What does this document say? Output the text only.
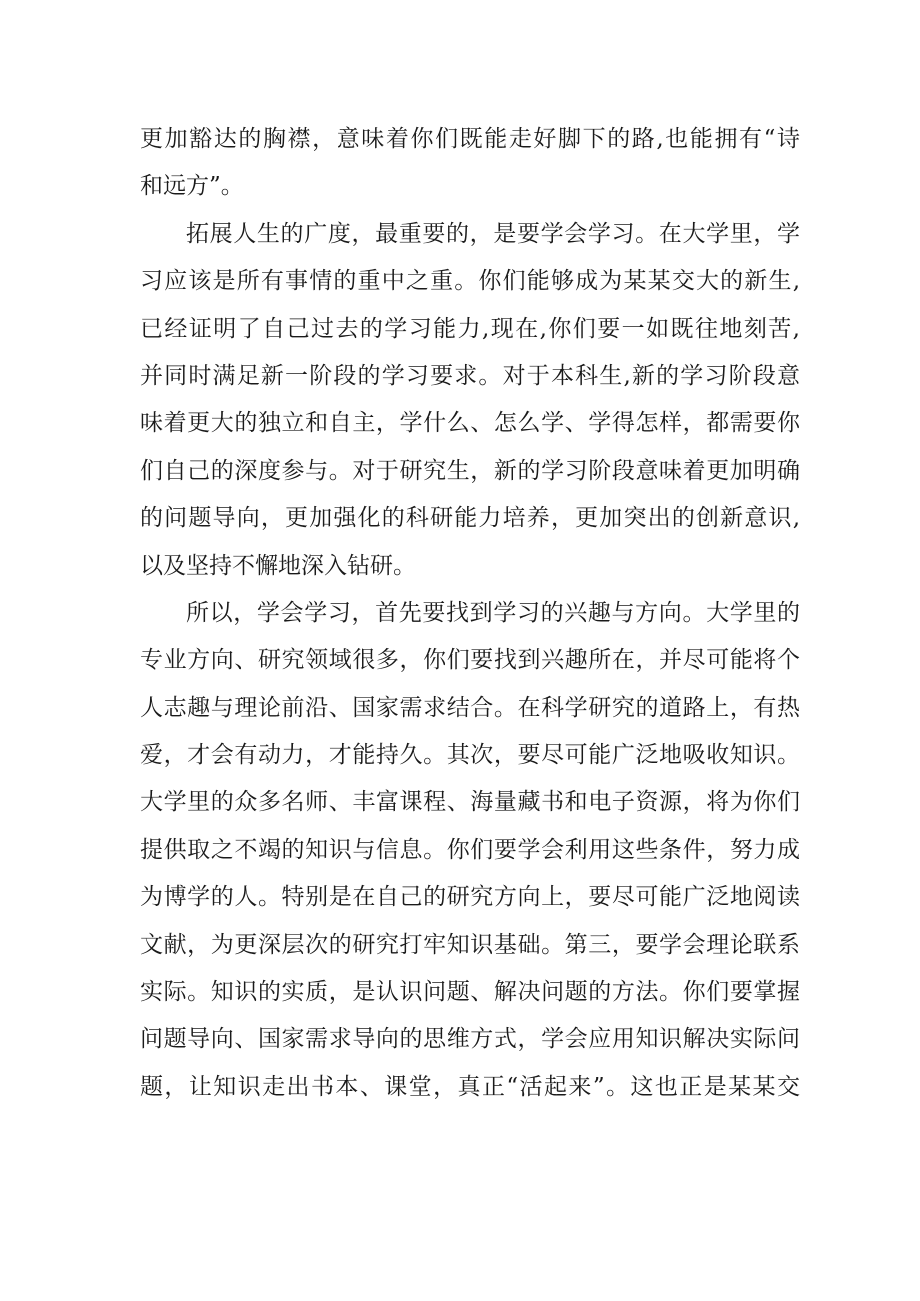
更加豁达的胸襟，意味着你们既能走好脚下的路,也能拥有“诗
和远方”。
拓展人生的广度，最重要的，是要学会学习。在大学里，学
习应该是所有事情的重中之重。你们能够成为某某交大的新生,
已经证明了自己过去的学习能力,现在,你们要一如既往地刻苦,
并同时满足新一阶段的学习要求。对于本科生,新的学习阶段意
味着更大的独立和自主，学什么、怎么学、学得怎样，都需要你
们自己的深度参与。对于研究生，新的学习阶段意味着更加明确
的问题导向，更加强化的科研能力培养，更加突出的创新意识,
以及坚持不懈地深入钻研。
所以，学会学习，首先要找到学习的兴趣与方向。大学里的
专业方向、研究领域很多，你们要找到兴趣所在，并尽可能将个
人志趣与理论前沿、国家需求结合。在科学研究的道路上，有热
爱，才会有动力，才能持久。其次，要尽可能广泛地吸收知识。
大学里的众多名师、丰富课程、海量藏书和电子资源，将为你们
提供取之不竭的知识与信息。你们要学会利用这些条件，努力成
为博学的人。特别是在自己的研究方向上，要尽可能广泛地阅读
文献，为更深层次的研究打牢知识基础。第三，要学会理论联系
实际。知识的实质，是认识问题、解决问题的方法。你们要掌握
问题导向、国家需求导向的思维方式，学会应用知识解决实际问
题，让知识走出书本、课堂，真正“活起来”。这也正是某某交
